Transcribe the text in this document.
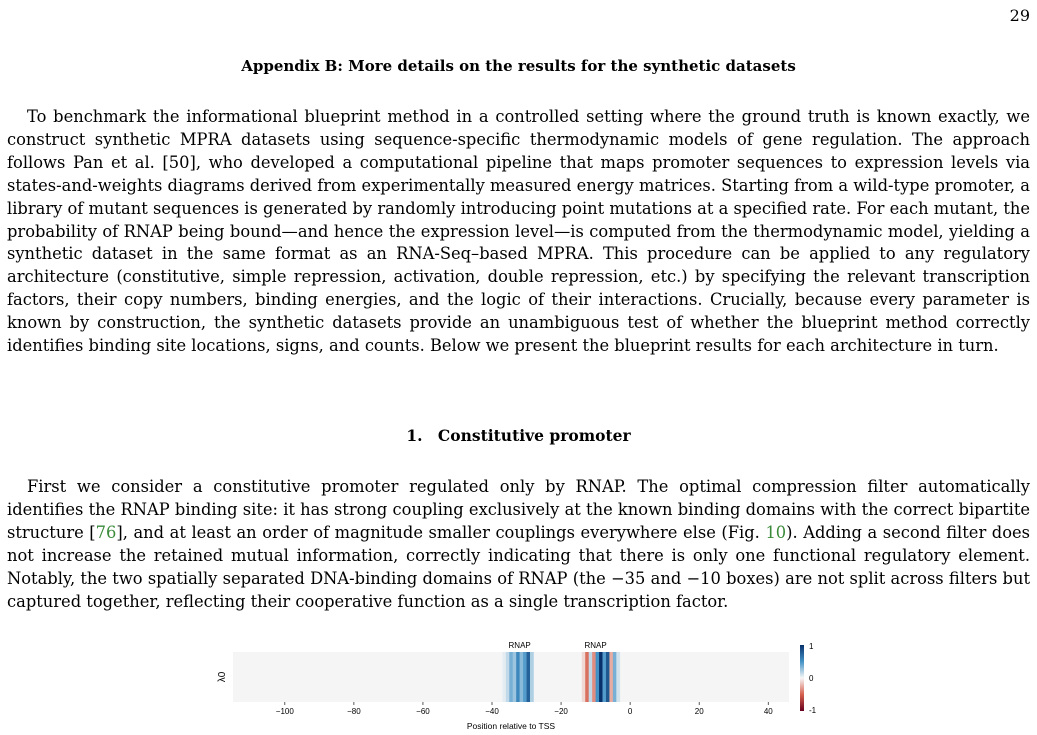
29
Appendix B: More details on the results for the synthetic datasets

To benchmark the informational blueprint method in a controlled setting where the ground truth is known exactly, we construct synthetic MPRA datasets using sequence-specific thermodynamic models of gene regulation. The approach follows Pan et al. [50], who developed a computational pipeline that maps promoter sequences to expression levels via states-and-weights diagrams derived from experimentally measured energy matrices. Starting from a wild-type promoter, a library of mutant sequences is generated by randomly introducing point mutations at a specified rate. For each mutant, the probability of RNAP being bound—and hence the expression level—is computed from the thermodynamic model, yielding a synthetic dataset in the same format as an RNA-Seq–based MPRA. This procedure can be applied to any regulatory architecture (constitutive, simple repression, activation, double repression, etc.) by specifying the relevant transcription factors, their copy numbers, binding energies, and the logic of their interactions. Crucially, because every parameter is known by construction, the synthetic datasets provide an unambiguous test of whether the blueprint method correctly identifies binding site locations, signs, and counts. Below we present the blueprint results for each architecture in turn.

1. Constitutive promoter

First we consider a constitutive promoter regulated only by RNAP. The optimal compression filter automatically identifies the RNAP binding site: it has strong coupling exclusively at the known binding domains with the correct bipartite structure [76], and at least an order of magnitude smaller couplings everywhere else (Fig. 10). Adding a second filter does not increase the retained mutual information, correctly indicating that there is only one functional regulatory element. Notably, the two spatially separated DNA-binding domains of RNAP (the −35 and −10 boxes) are not split across filters but captured together, reflecting their cooperative function as a single transcription factor.

RNAP	RNAP
−100	−80	−60	−40	−20	0	20	40
λ0
Position relative to TSS
1
0
-1
